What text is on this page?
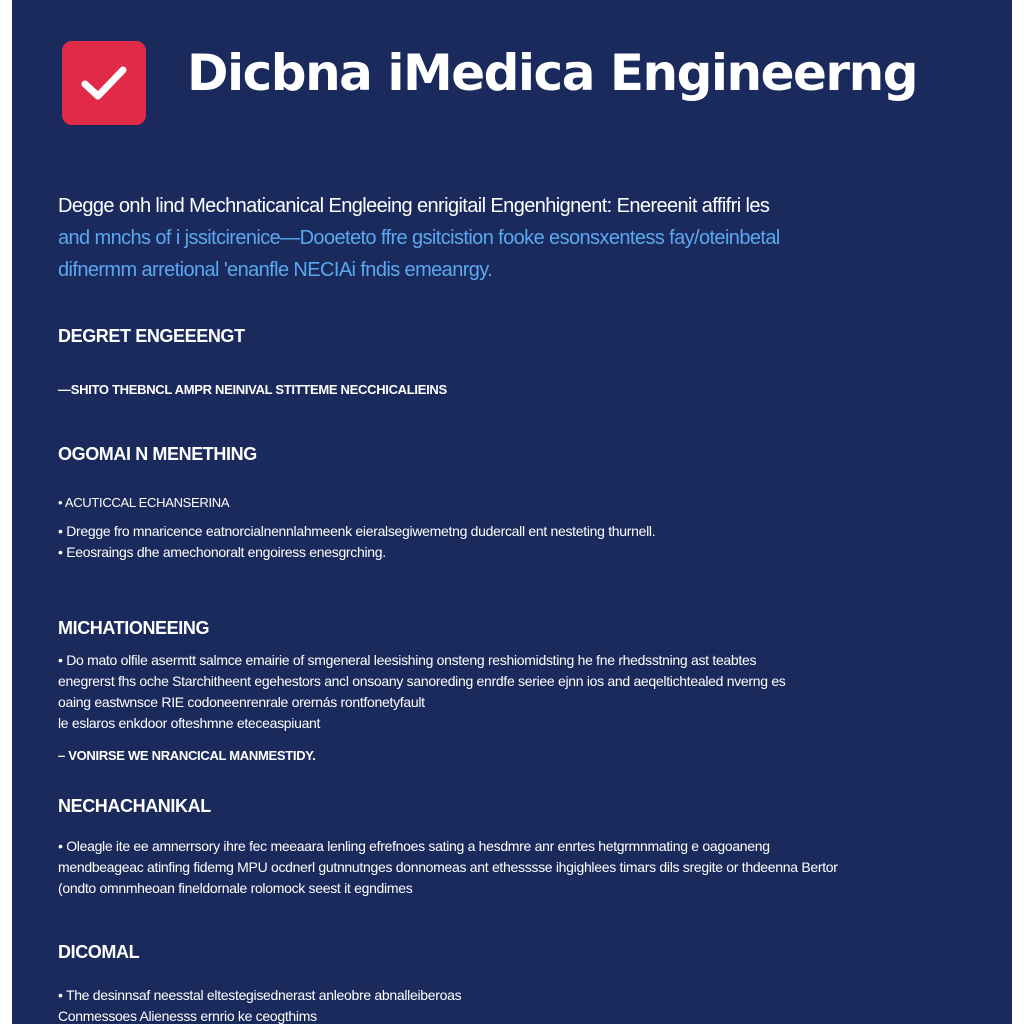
Dicbna iMedica Engineerng

Degge onh lind Mechnaticanical Engleeing enrigitail Engenhignent: Enereenit affifri les
and mnchs of i jssitcirenice—Dooeteto ffre gsitcistion fooke esonsxentess fay/oteinbetal
difnermm arretional 'enanfle NECIAi fndis emeanrgy.

DEGRET ENGEEENGT

—SHITO THEBNCL AMPR NEINIVAL STITTEME NECCHICALIEINS

OGOMAI N MENETHING

• ACUTICCAL ECHANSERINA

• Dregge fro mnaricence eatnorcialnennlahmeenk eieralsegiwemetng dudercall ent nesteting thurnell.
• Eeosraings dhe amechonoralt engoiress enesgrching.

MICHATIONEEING

• Do mato olfile asermtt salmce emairie of smgeneral leesishing onsteng reshiomidsting he fne rhedsstning ast teabtes
enegrerst fhs oche Starchitheent egehestors ancl onsoany sanoreding enrdfe seriee ejnn ios and aeqeltichtealed nverng es
oaing eastwnsce RIE codoneenrenrale orernás rontfonetyfault
le eslaros enkdoor ofteshmne eteceaspiuant

– VONIRSE WE NRANCICAL MANMESTIDY.

NECHACHANIKAL

• Oleagle ite ee amnerrsory ihre fec meeaara lenling efrefnoes sating a hesdmre anr enrtes hetgrmnmating e oagoaneng
mendbeageac atinfing fidemg MPU ocdnerl gutnnutnges donnomeas ant ethesssse ihgighlees timars dils sregite or thdeenna Bertor
(ondto omnmheoan fineldornale rolomock seest it egndimes

DICOMAL

• The desinnsaf neesstal eltestegisednerast anleobre abnalleiberoas
Conmessoes Alienesss ernrio ke ceogthims
